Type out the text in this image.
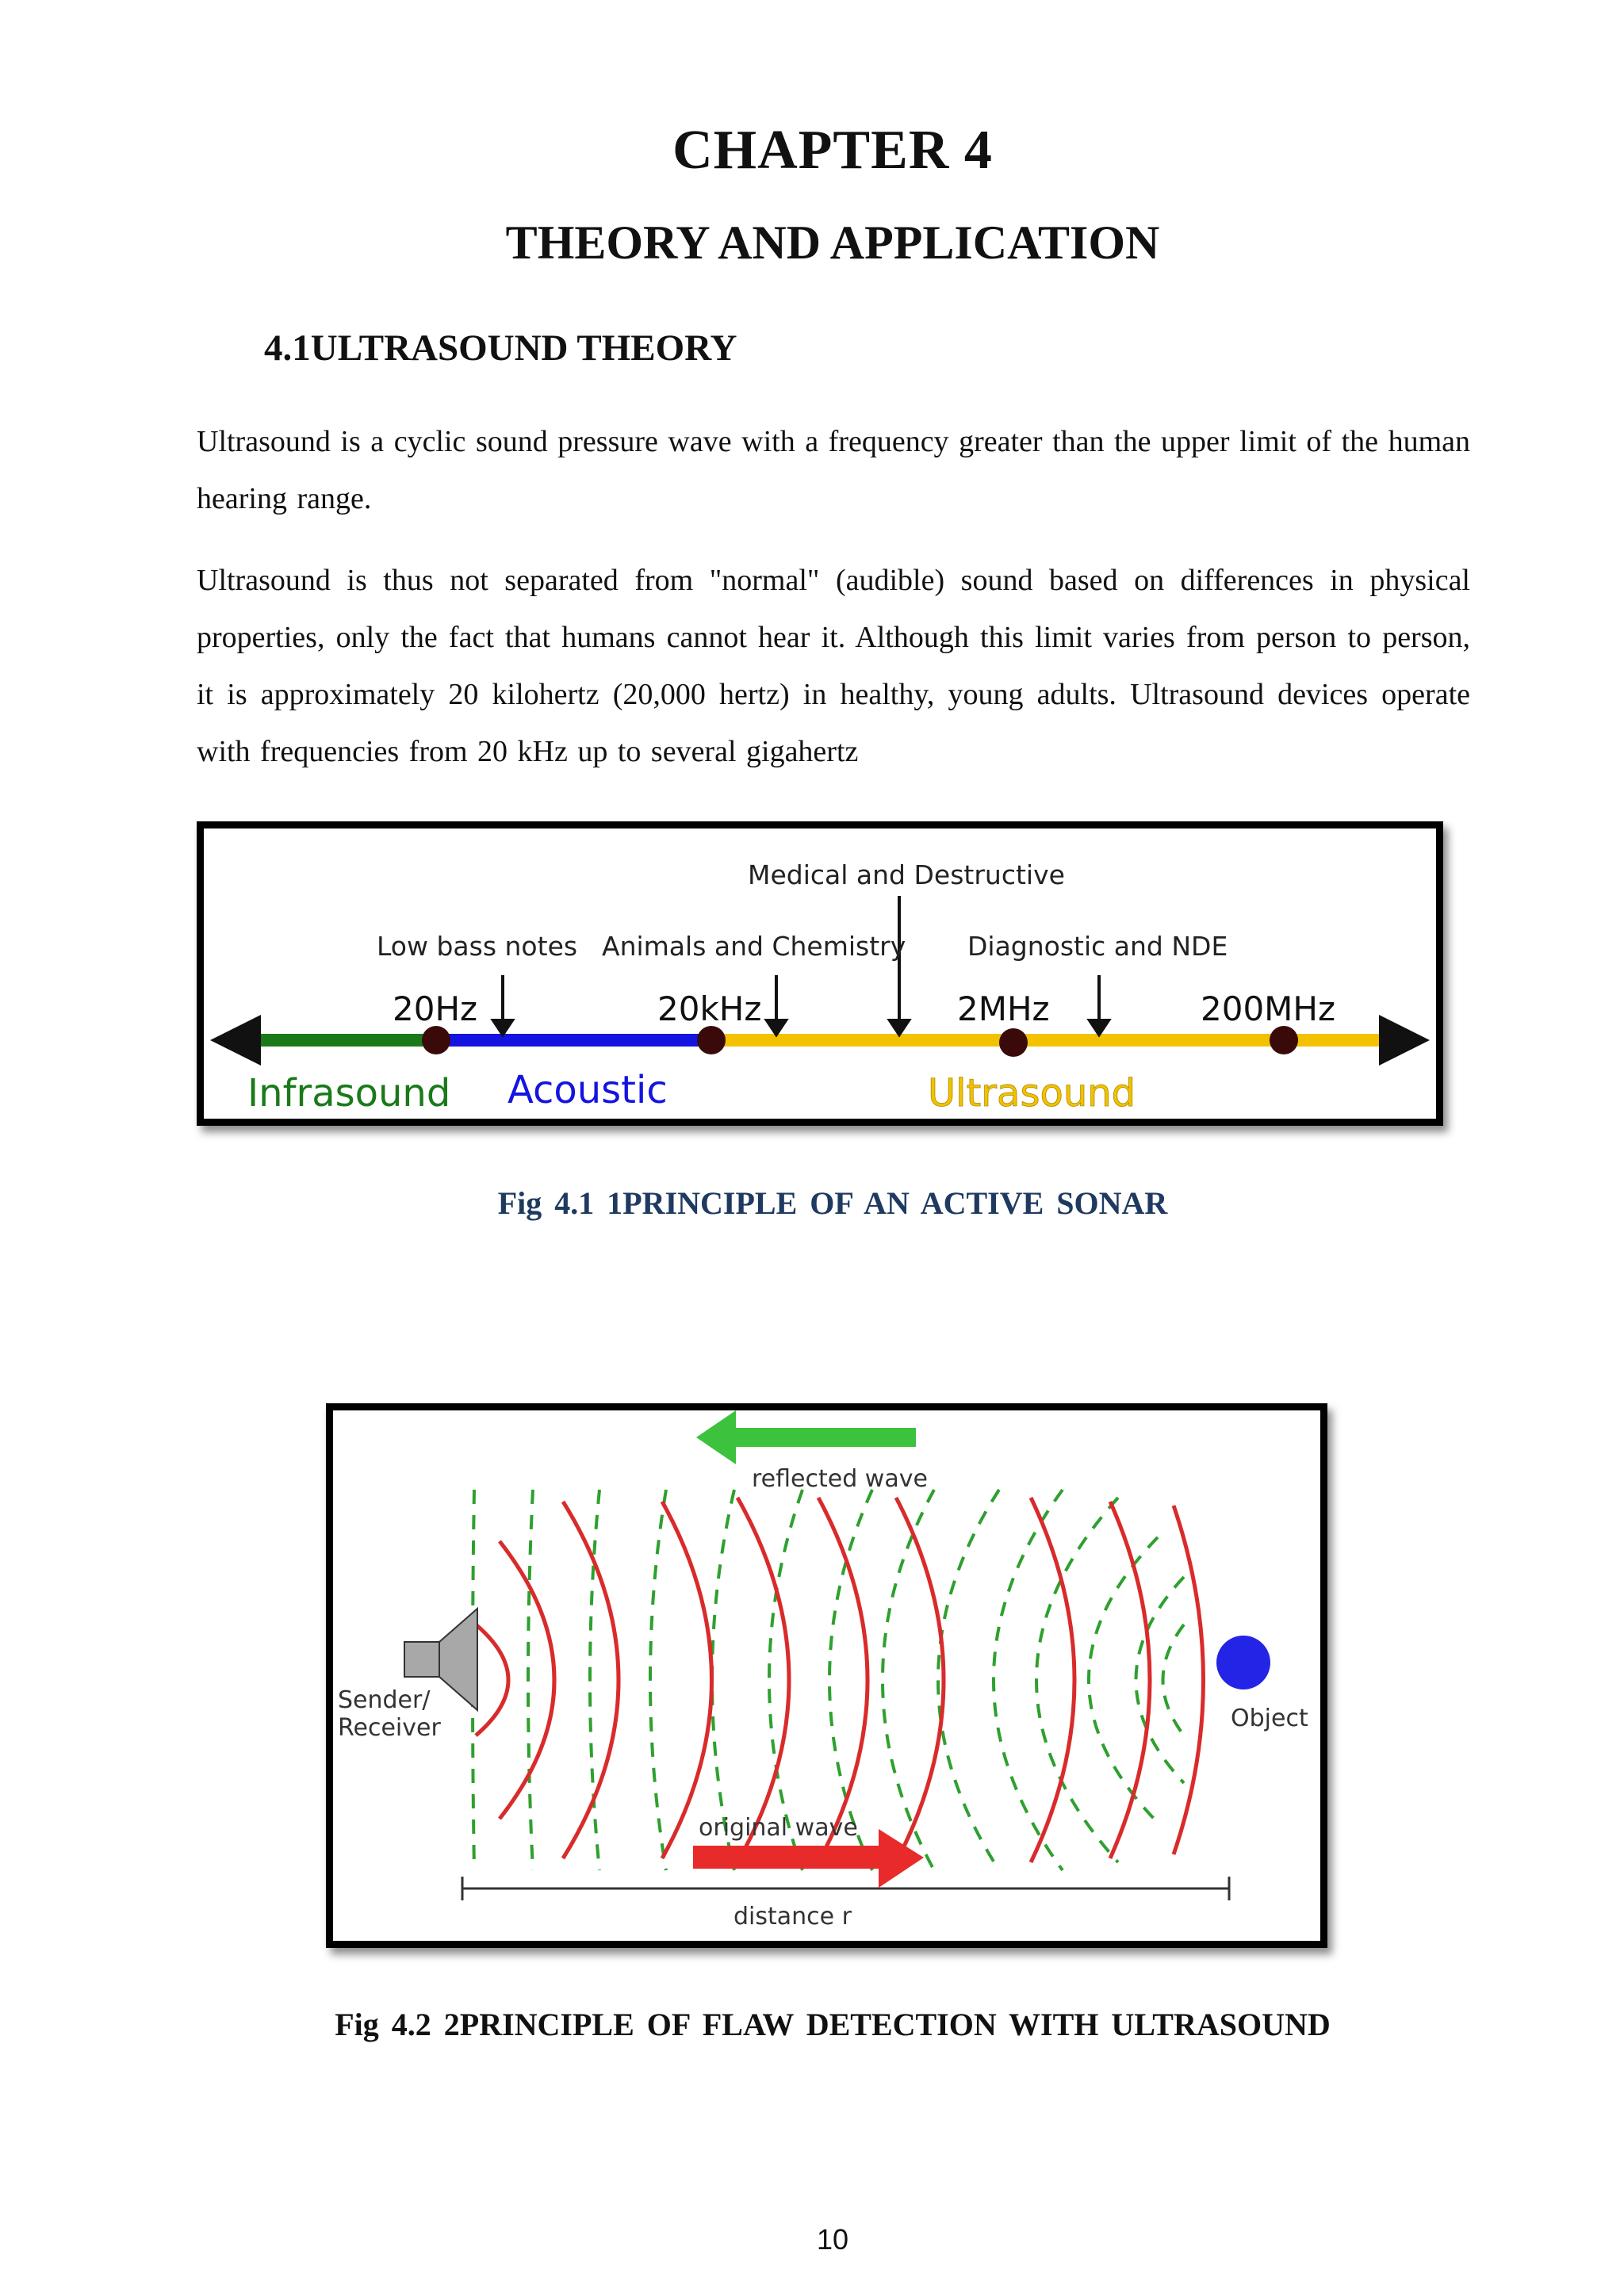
CHAPTER 4
THEORY AND APPLICATION
4.1ULTRASOUND THEORY
Ultrasound is a cyclic sound pressure wave with a frequency greater than the upper limit of the human hearing range.
Ultrasound is thus not separated from "normal" (audible) sound based on differences in physical properties, only the fact that humans cannot hear it. Although this limit varies from person to person, it is approximately 20 kilohertz (20,000 hertz) in healthy, young adults. Ultrasound devices operate with frequencies from 20 kHz up to several gigahertz
Medical and Destructive
Low bass notes Animals and Chemistry Diagnostic and NDE
20Hz	20kHz	2MHz	200MHz
Infrasound Acoustic	Ultrasound
Fig 4.1 1PRINCIPLE OF AN ACTIVE SONAR
reflected wave
Sender/
Receiver	Object
original wave
distance r
Fig 4.2 2PRINCIPLE OF FLAW DETECTION WITH ULTRASOUND
10
